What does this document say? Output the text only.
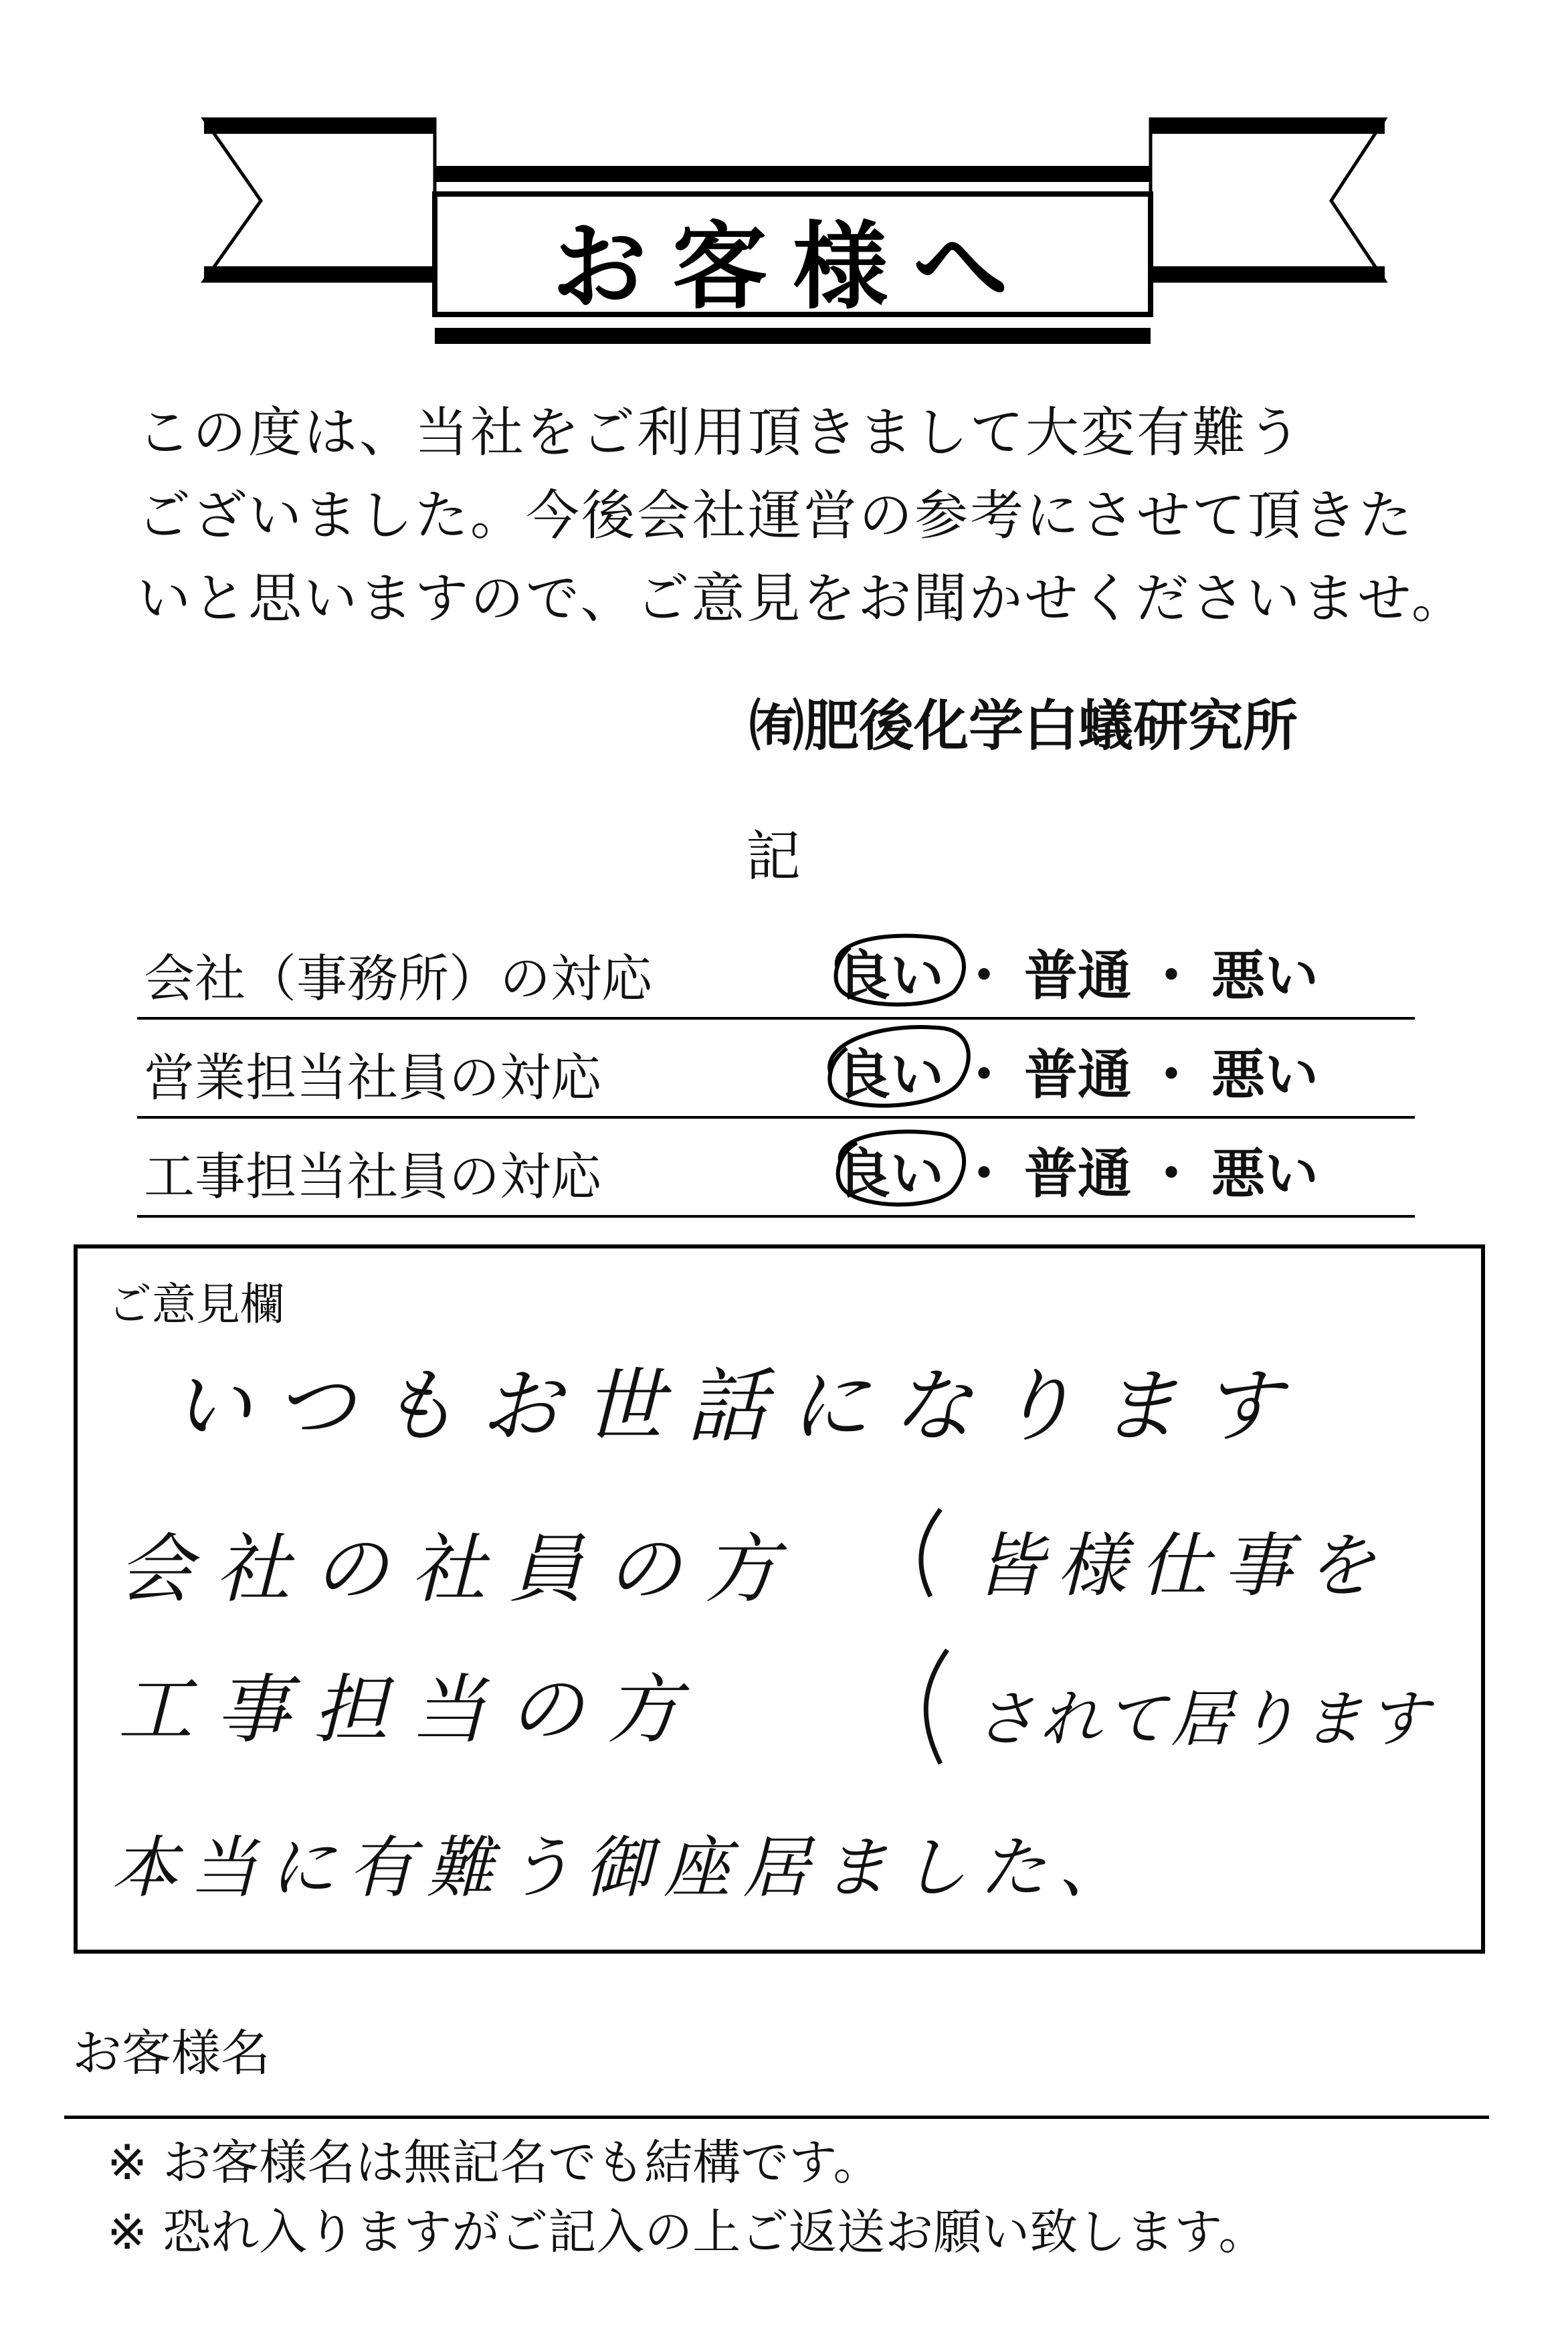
お客様へ
この度は、当社をご利用頂きまして大変有難う
ございました。今後会社運営の参考にさせて頂きた
いと思いますので、ご意見をお聞かせくださいませ。
㈲肥後化学白蟻研究所
記
会社（事務所）の対応	良い ・ 普通 ・ 悪い
営業担当社員の対応	良い ・ 普通 ・ 悪い
工事担当社員の対応	良い ・ 普通 ・ 悪い
ご意見欄
いつもお世話になります
会社の社員の方 皆様仕事を
工事担当の方	されて居ります
本当に有難う御座居ました、
お客様名
※ お客様名は無記名でも結構です。
※ 恐れ入りますがご記入の上ご返送お願い致します。
